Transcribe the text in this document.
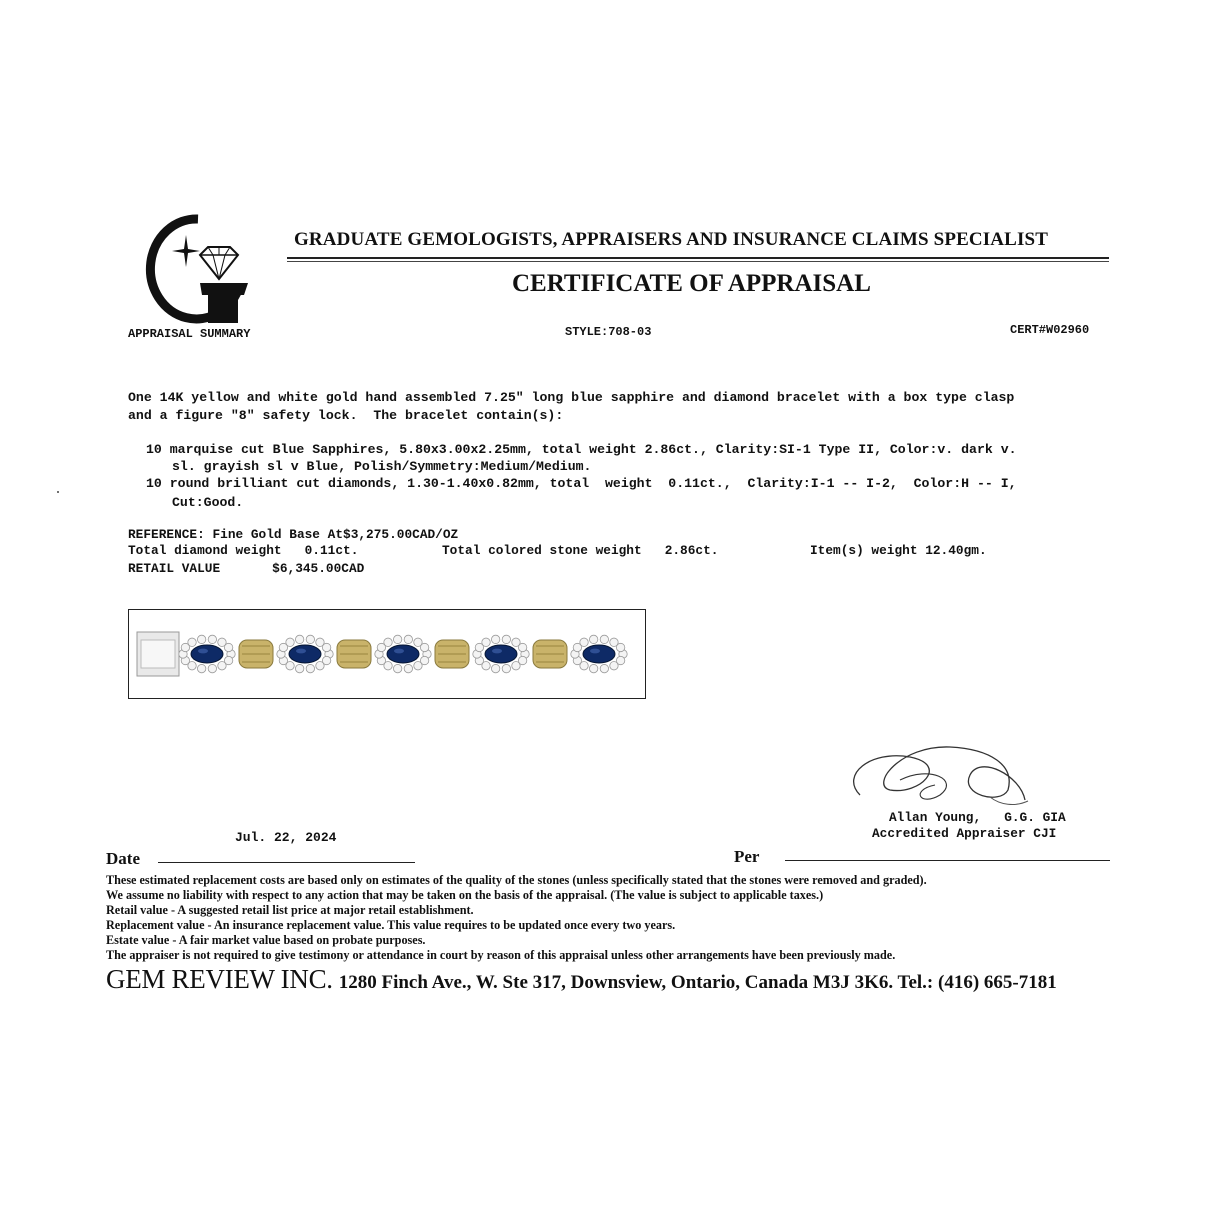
GRADUATE GEMOLOGISTS, APPRAISERS AND INSURANCE CLAIMS SPECIALIST
CERTIFICATE OF APPRAISAL
APPRAISAL SUMMARY	STYLE:708-03	CERT#W02960
One 14K yellow and white gold hand assembled 7.25" long blue sapphire and diamond bracelet with a box type clasp
and a figure "8" safety lock.  The bracelet contain(s):
10 marquise cut Blue Sapphires, 5.80x3.00x2.25mm, total weight 2.86ct., Clarity:SI-1 Type II, Color:v. dark v.
sl. grayish sl v Blue, Polish/Symmetry:Medium/Medium.
10 round brilliant cut diamonds, 1.30-1.40x0.82mm, total  weight  0.11ct.,  Clarity:I-1 -- I-2,  Color:H -- I,
Cut:Good.
REFERENCE: Fine Gold Base At$3,275.00CAD/OZ
Total diamond weight   0.11ct.	Total colored stone weight   2.86ct.	Item(s) weight 12.40gm.
RETAIL VALUE	$6,345.00CAD
Allan Young,   G.G. GIA
Accredited Appraiser CJI
Jul. 22, 2024
Date	Per
These estimated replacement costs are based only on estimates of the quality of the stones (unless specifically stated that the stones were removed and graded).
We assume no liability with respect to any action that may be taken on the basis of the appraisal. (The value is subject to applicable taxes.)
Retail value - A suggested retail list price at major retail establishment.
Replacement value - An insurance replacement value. This value requires to be updated once every two years.
Estate value - A fair market value based on probate purposes.
The appraiser is not required to give testimony or attendance in court by reason of this appraisal unless other arrangements have been previously made.
GEM REVIEW INC. 1280 Finch Ave., W. Ste 317, Downsview, Ontario, Canada M3J 3K6. Tel.: (416) 665-7181
